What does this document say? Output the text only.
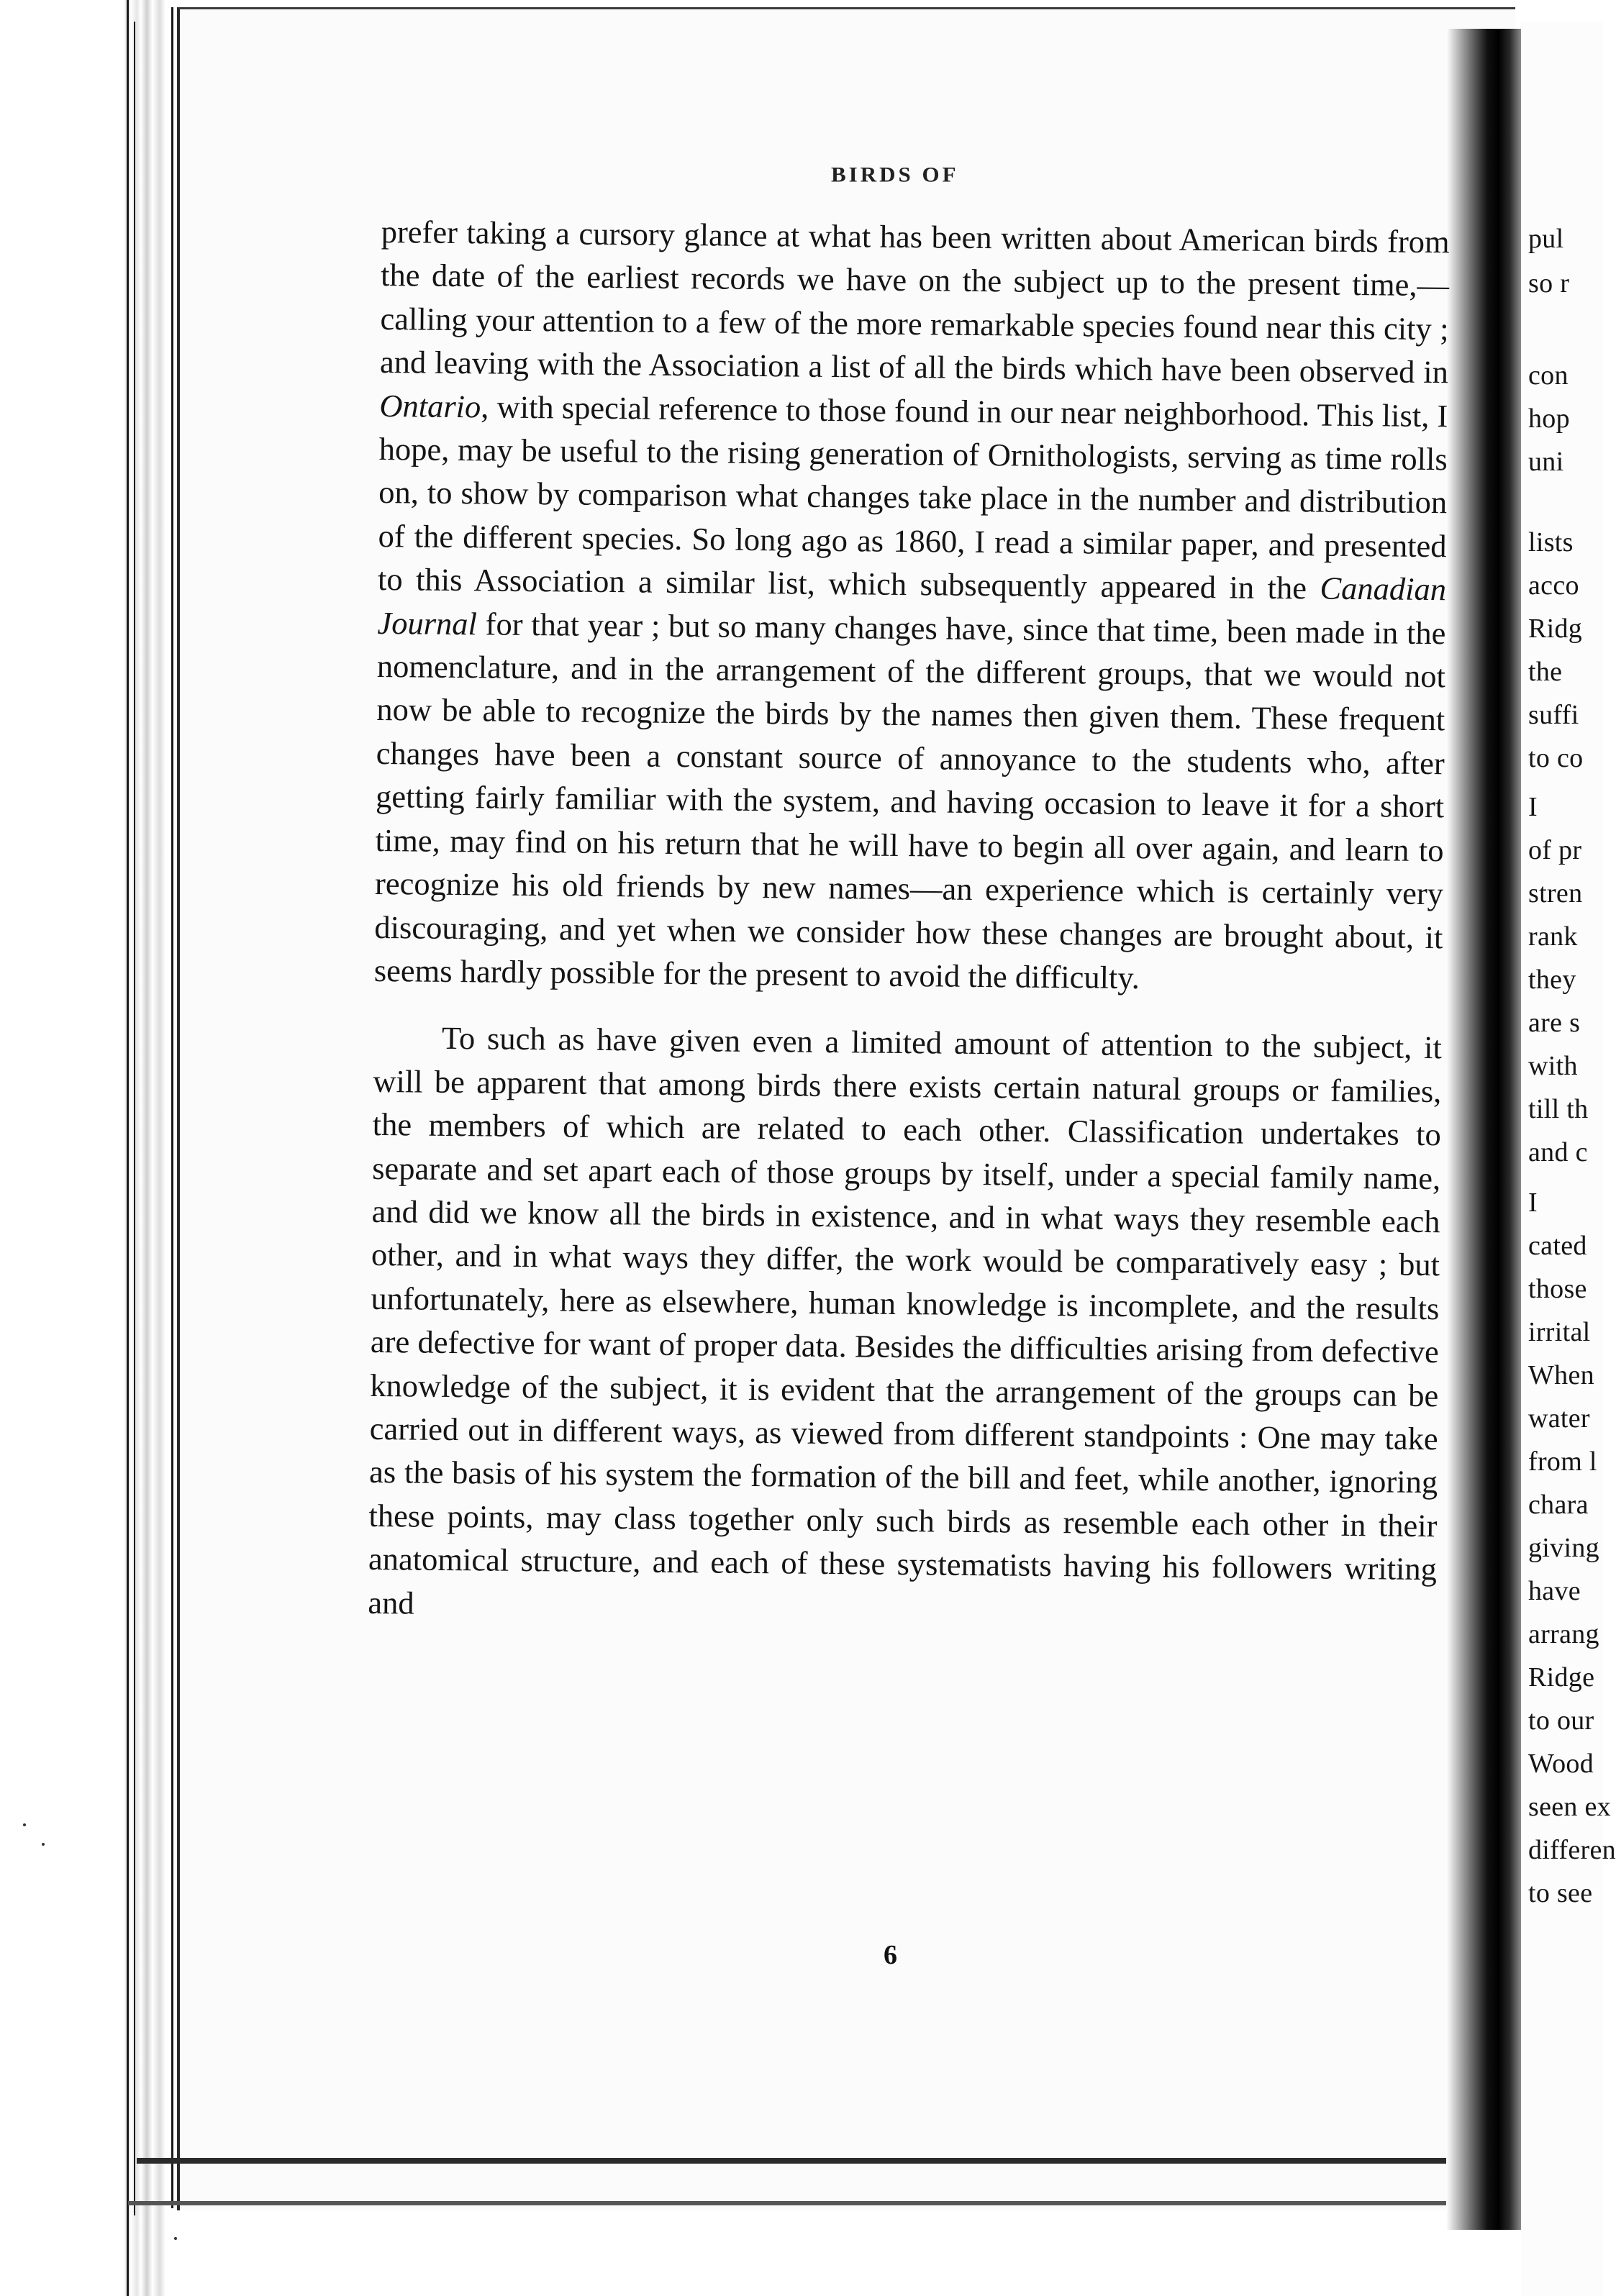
pul
so r
con
hop
uni
lists
acco
Ridg
the
suffi
to co
I
of pr
stren
rank
they
are s
with
till th
and c
I
cated
those
irrital
When
water
from l
chara
giving
have
arrang
Ridge
to our
Wood
seen ex
differen
to see
BIRDS OF

prefer taking a cursory glance at what has been written about American birds from the date of the earliest records we have on the subject up to the present time,—calling your attention to a few of the more remarkable species found near this city ; and leaving with the Association a list of all the birds which have been observed in Ontario, with special reference to those found in our near neighborhood. This list, I hope, may be useful to the rising generation of Ornithologists, serving as time rolls on, to show by comparison what changes take place in the number and distribution of the different species. So long ago as 1860, I read a similar paper, and presented to this Association a similar list, which subsequently appeared in the Canadian Journal for that year ; but so many changes have, since that time, been made in the nomenclature, and in the arrangement of the different groups, that we would not now be able to recognize the birds by the names then given them. These frequent changes have been a constant source of annoyance to the students who, after getting fairly familiar with the system, and having occasion to leave it for a short time, may find on his return that he will have to begin all over again, and learn to recognize his old friends by new names—an experience which is certainly very discouraging, and yet when we consider how these changes are brought about, it seems hardly possible for the present to avoid the difficulty.

To such as have given even a limited amount of attention to the subject, it will be apparent that among birds there exists certain natural groups or families, the members of which are related to each other. Classification undertakes to separate and set apart each of those groups by itself, under a special family name, and did we know all the birds in existence, and in what ways they resemble each other, and in what ways they differ, the work would be comparatively easy ; but unfortunately, here as elsewhere, human knowledge is incomplete, and the results are defective for want of proper data. Besides the difficulties arising from defective knowledge of the subject, it is evident that the arrangement of the groups can be carried out in different ways, as viewed from different standpoints : One may take as the basis of his system the formation of the bill and feet, while another, ignoring these points, may class together only such birds as resemble each other in their anatomical structure, and each of these systematists having his followers writing and

6
